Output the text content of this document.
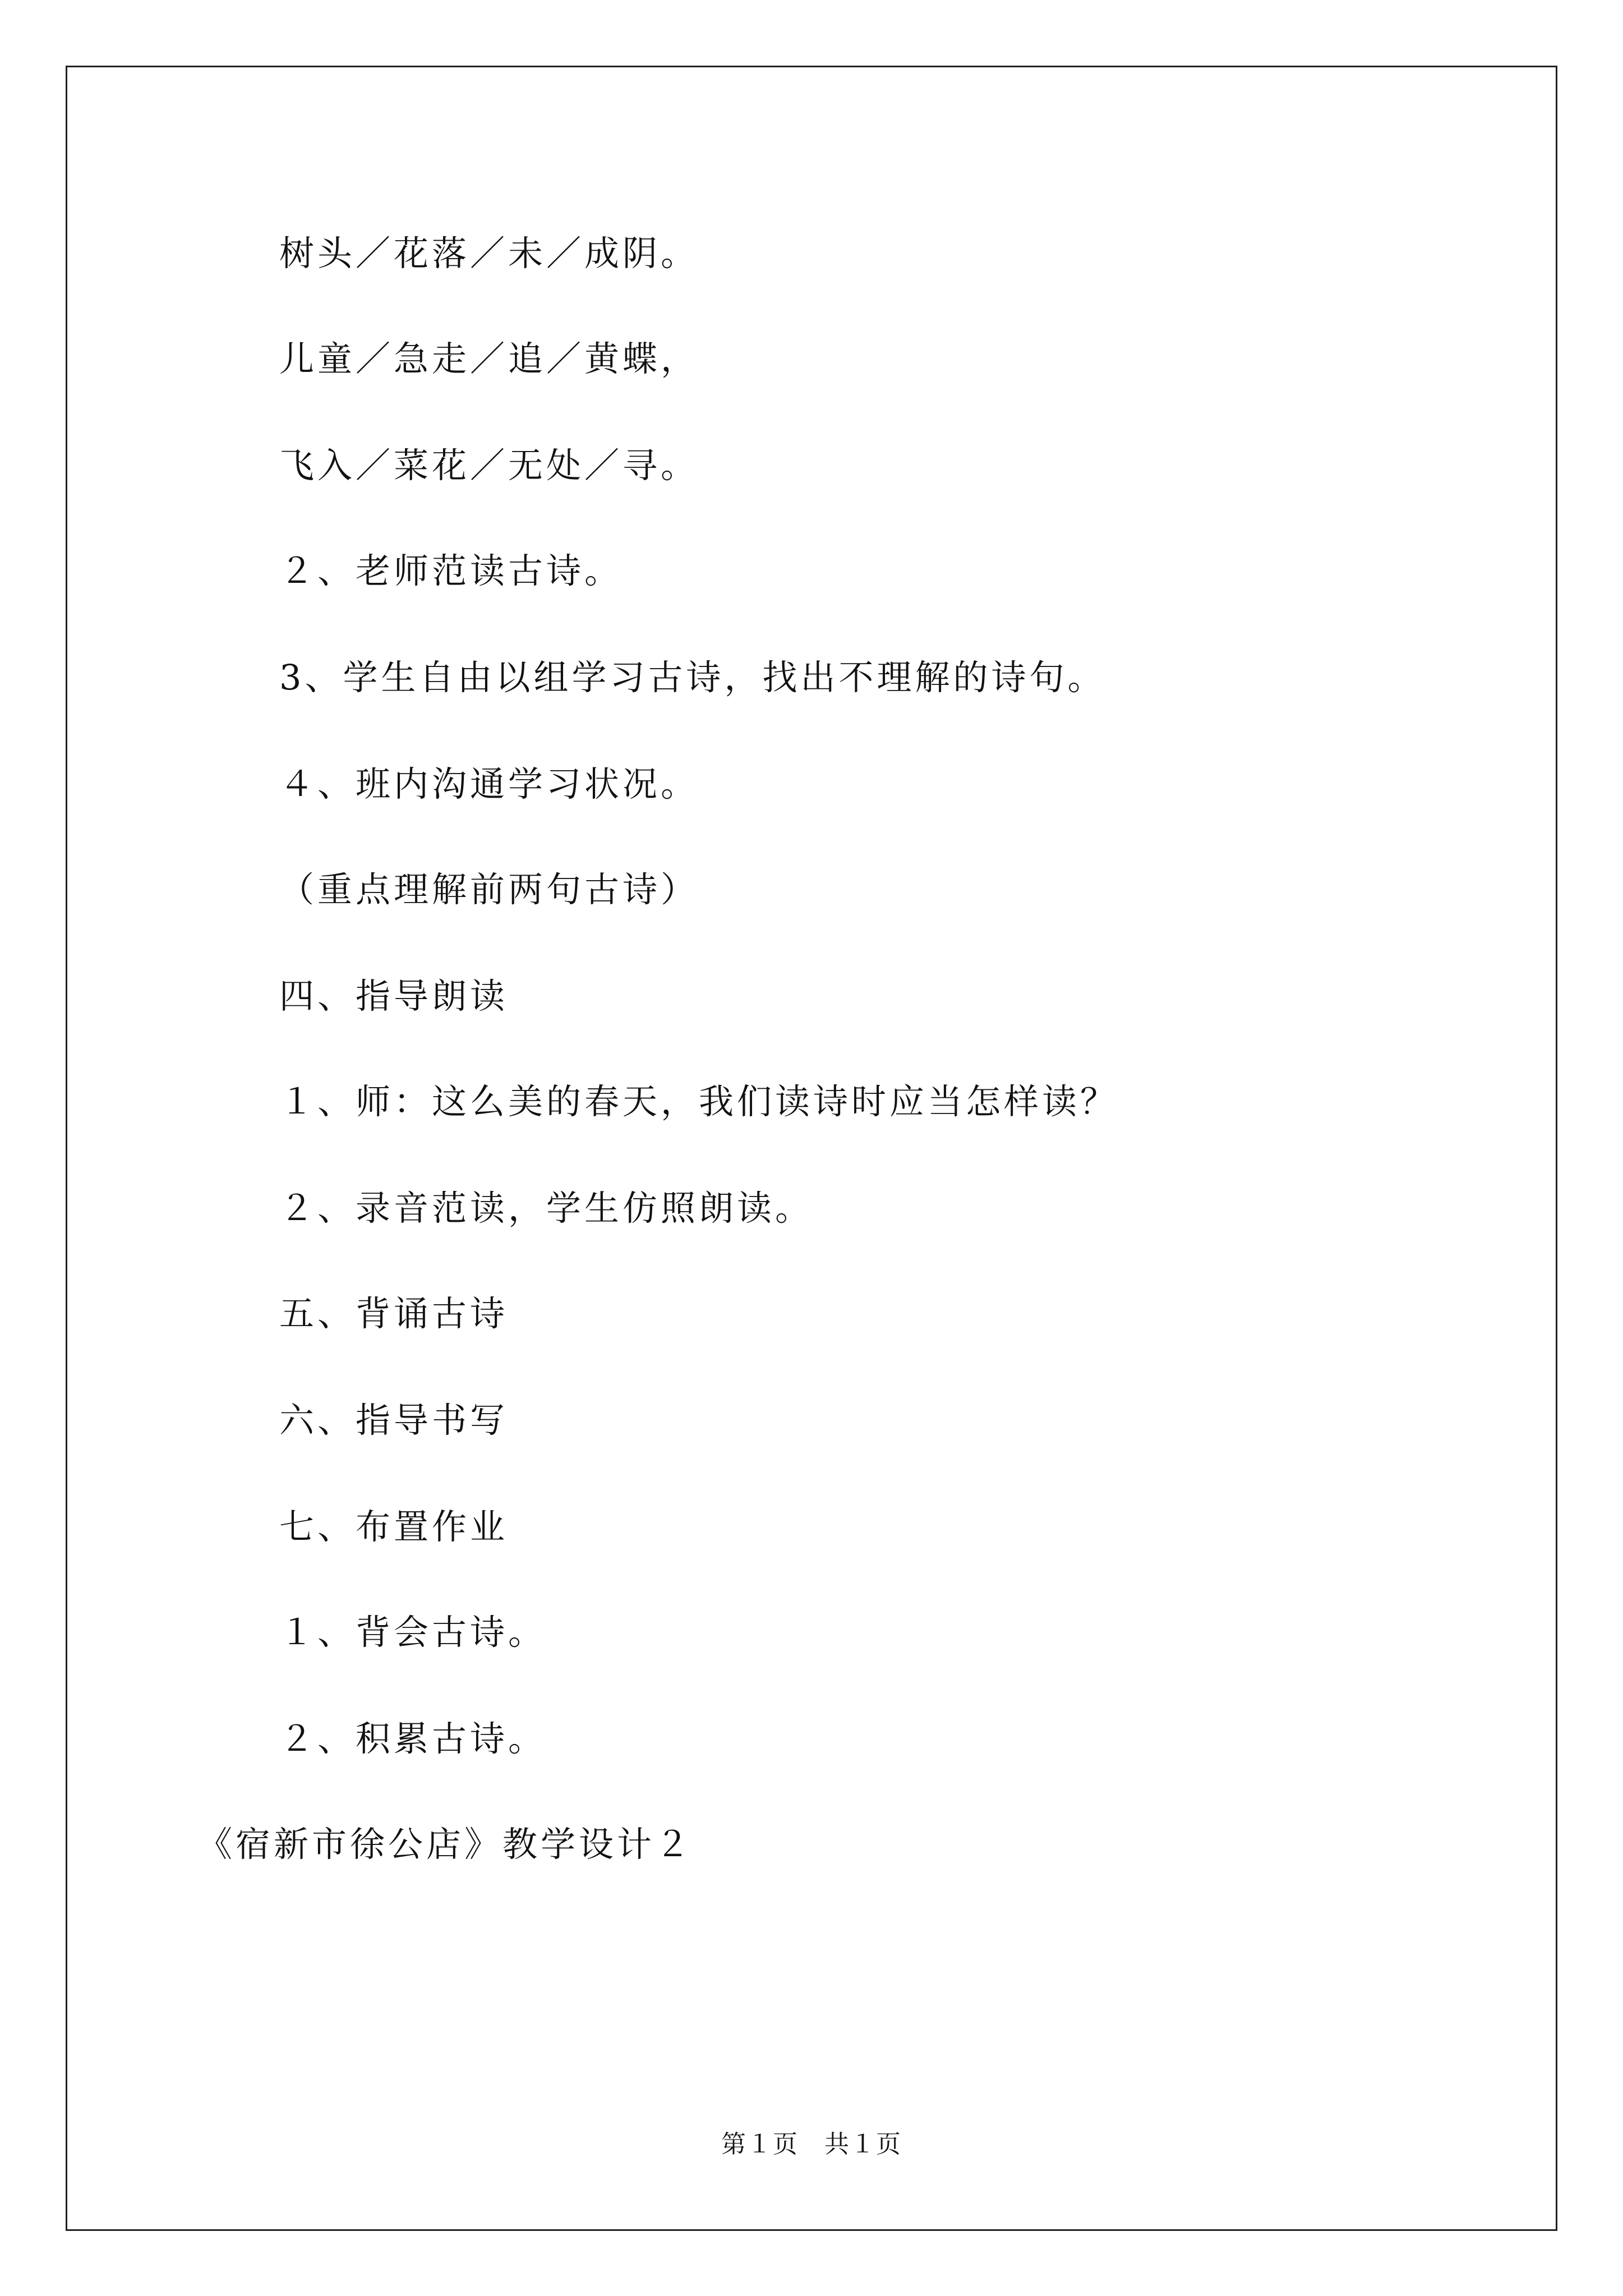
树头／花落／未／成阴。
儿童／急走／追／黄蝶，
飞入／菜花／无处／寻。
２、老师范读古诗。
3、学生自由以组学习古诗，找出不理解的诗句。
４、班内沟通学习状况。
（重点理解前两句古诗）
四、指导朗读
１、师：这么美的春天，我们读诗时应当怎样读？
２、录音范读，学生仿照朗读。
五、背诵古诗
六、指导书写
七、布置作业
１、背会古诗。
２、积累古诗。
《宿新市徐公店》教学设计２
第１页　共１页
